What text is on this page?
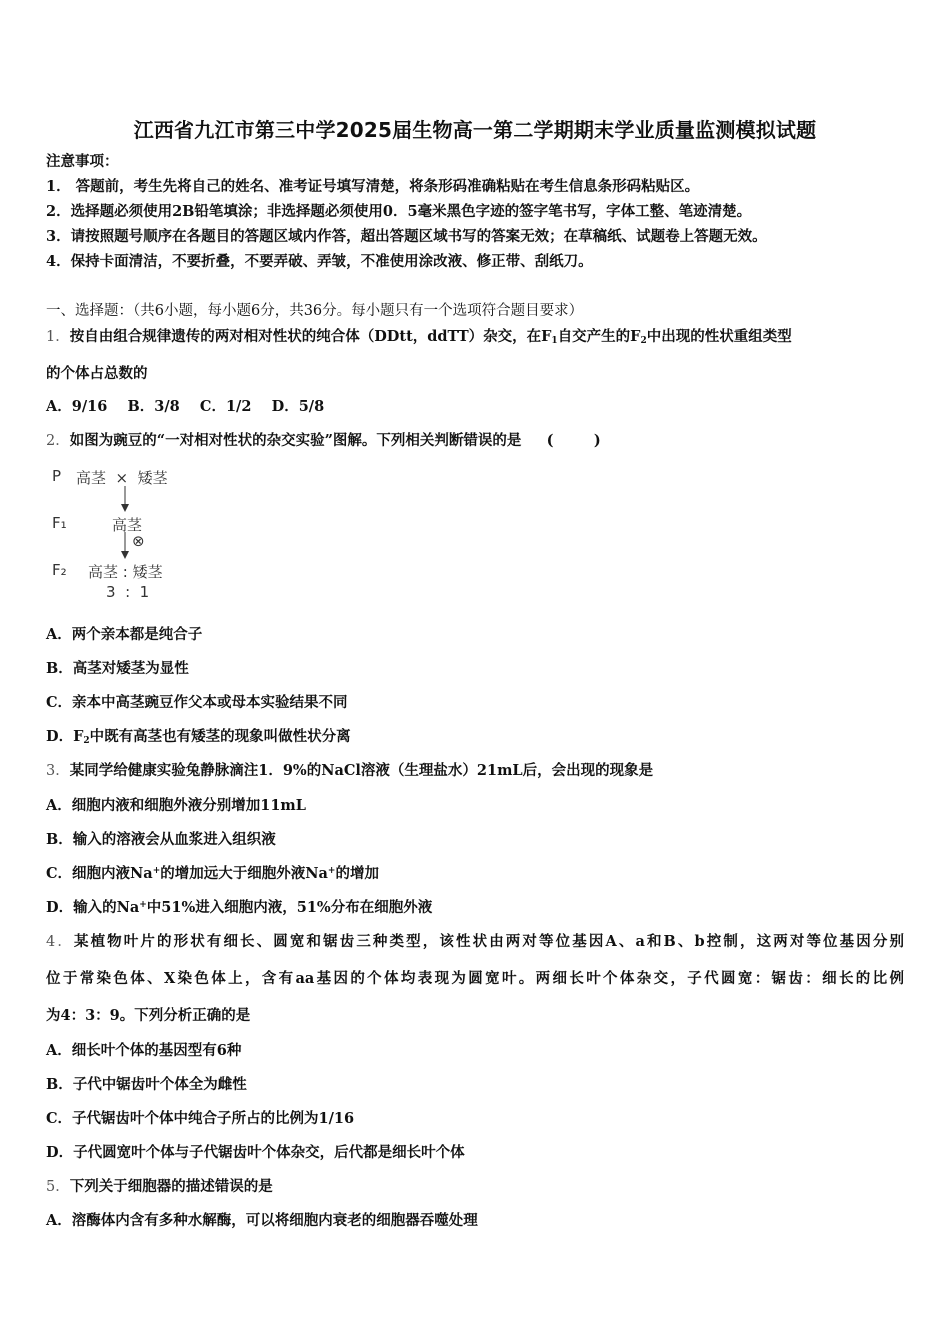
江西省九江市第三中学2025届生物高一第二学期期末学业质量监测模拟试题
注意事项：
1． 答题前，考生先将自己的姓名、准考证号填写清楚，将条形码准确粘贴在考生信息条形码粘贴区。
2．选择题必须使用2B铅笔填涂；非选择题必须使用0．5毫米黑色字迹的签字笔书写，字体工整、笔迹清楚。
3．请按照题号顺序在各题目的答题区域内作答，超出答题区域书写的答案无效；在草稿纸、试题卷上答题无效。
4．保持卡面清洁，不要折叠，不要弄破、弄皱，不准使用涂改液、修正带、刮纸刀。
一、选择题：（共6小题，每小题6分，共36分。每小题只有一个选项符合题目要求）
1．按自由组合规律遗传的两对相对性状的纯合体（DDtt，ddTT）杂交，在$F_1$自交产生的$F_2$中出现的性状重组类型
的个体占总数的
A．9/16    B．3/8    C．1/2    D．5/8
2．如图为豌豆的“一对相对性状的杂交实验”图解。下列相关判断错误的是     (        )
P 高茎  ×  矮茎
F₁	高茎
⊗
F₂ 高茎 : 矮茎
3  :  1
A．两个亲本都是纯合子
B．高茎对矮茎为显性
C．亲本中高茎豌豆作父本或母本实验结果不同
D．$F_2$中既有高茎也有矮茎的现象叫做性状分离
3．某同学给健康实验兔静脉滴注1．9%的NaCl溶液（生理盐水）21mL后，会出现的现象是
A．细胞内液和细胞外液分别增加11mL
B．输入的溶液会从血浆进入组织液
C．细胞内液Na+的增加远大于细胞外液Na+的增加
D．输入的Na+中51%进入细胞内液，51%分布在细胞外液
4．某植物叶片的形状有细长、圆宽和锯齿三种类型，该性状由两对等位基因A、a和B、b控制，这两对等位基因分别
位于常染色体、X染色体上，含有aa基因的个体均表现为圆宽叶。两细长叶个体杂交，子代圆宽：锯齿：细长的比例
为4：3：9。下列分析正确的是
A．细长叶个体的基因型有6种
B．子代中锯齿叶个体全为雌性
C．子代锯齿叶个体中纯合子所占的比例为1/16
D．子代圆宽叶个体与子代锯齿叶个体杂交，后代都是细长叶个体
5．下列关于细胞器的描述错误的是
A．溶酶体内含有多种水解酶，可以将细胞内衰老的细胞器吞噬处理
